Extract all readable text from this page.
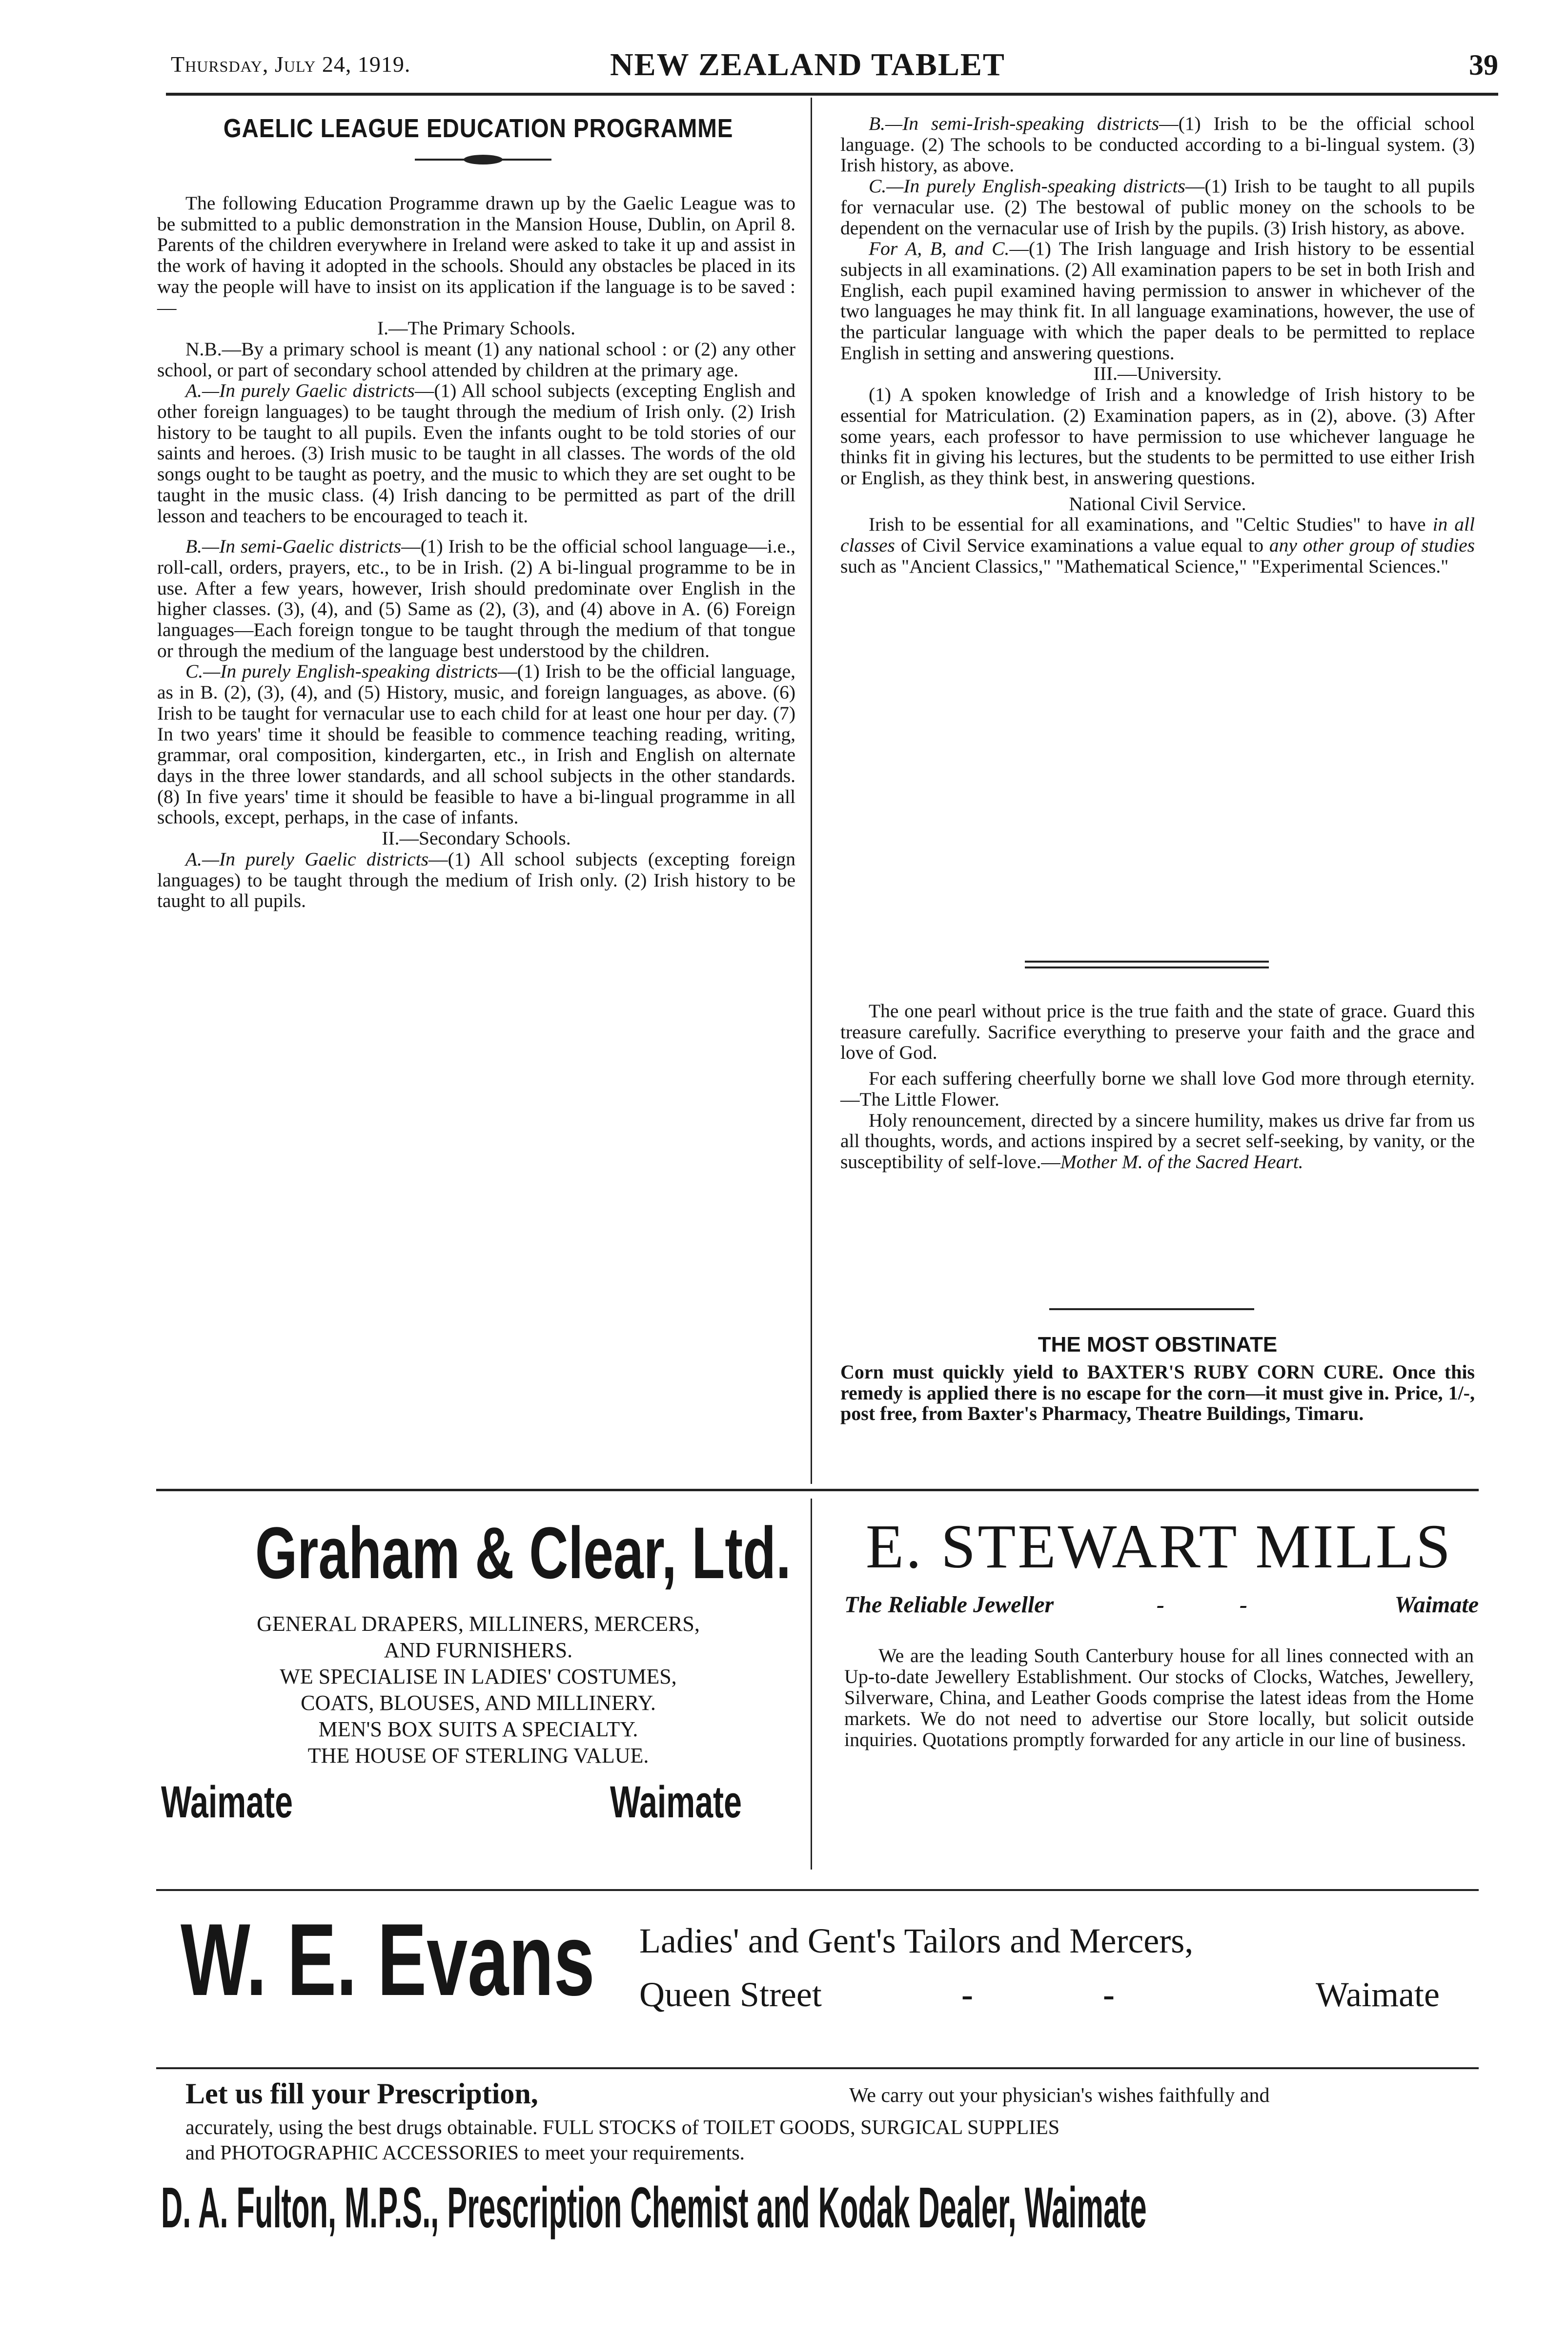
Thursday, July 24, 1919.	NEW ZEALAND TABLET	39
GAELIC LEAGUE EDUCATION PROGRAMME

The following Education Programme drawn up by the Gaelic League was to be submitted to a public demonstration in the Mansion House, Dublin, on April 8. Parents of the children everywhere in Ireland were asked to take it up and assist in the work of having it adopted in the schools. Should any obstacles be placed in its way the people will have to insist on its application if the language is to be saved :—

I.—The Primary Schools.

N.B.—By a primary school is meant (1) any national school : or (2) any other school, or part of secondary school attended by children at the primary age.

A.—In purely Gaelic districts—(1) All school subjects (excepting English and other foreign languages) to be taught through the medium of Irish only. (2) Irish history to be taught to all pupils. Even the infants ought to be told stories of our saints and heroes. (3) Irish music to be taught in all classes. The words of the old songs ought to be taught as poetry, and the music to which they are set ought to be taught in the music class. (4) Irish dancing to be permitted as part of the drill lesson and teachers to be encouraged to teach it.

B.—In semi-Gaelic districts—(1) Irish to be the official school language—i.e., roll-call, orders, prayers, etc., to be in Irish. (2) A bi-lingual programme to be in use. After a few years, however, Irish should predominate over English in the higher classes. (3), (4), and (5) Same as (2), (3), and (4) above in A. (6) Foreign languages—Each foreign tongue to be taught through the medium of that tongue or through the medium of the language best understood by the children.

C.—In purely English-speaking districts—(1) Irish to be the official language, as in B. (2), (3), (4), and (5) History, music, and foreign languages, as above. (6) Irish to be taught for vernacular use to each child for at least one hour per day. (7) In two years' time it should be feasible to commence teaching reading, writing, grammar, oral composition, kindergarten, etc., in Irish and English on alternate days in the three lower standards, and all school subjects in the other standards. (8) In five years' time it should be feasible to have a bi-lingual programme in all schools, except, perhaps, in the case of infants.

II.—Secondary Schools.

A.—In purely Gaelic districts—(1) All school subjects (excepting foreign languages) to be taught through the medium of Irish only. (2) Irish history to be taught to all pupils.

B.—In semi-Irish-speaking districts—(1) Irish to be the official school language. (2) The schools to be conducted according to a bi-lingual system. (3) Irish history, as above.

C.—In purely English-speaking districts—(1) Irish to be taught to all pupils for vernacular use. (2) The bestowal of public money on the schools to be dependent on the vernacular use of Irish by the pupils. (3) Irish history, as above.

For A, B, and C.—(1) The Irish language and Irish history to be essential subjects in all examinations. (2) All examination papers to be set in both Irish and English, each pupil examined having permission to answer in whichever of the two languages he may think fit. In all language examinations, however, the use of the particular language with which the paper deals to be permitted to replace English in setting and answering questions.

III.—University.

(1) A spoken knowledge of Irish and a knowledge of Irish history to be essential for Matriculation. (2) Examination papers, as in (2), above. (3) After some years, each professor to have permission to use whichever language he thinks fit in giving his lectures, but the students to be permitted to use either Irish or English, as they think best, in answering questions.

National Civil Service.

Irish to be essential for all examinations, and "Celtic Studies" to have in all classes of Civil Service examinations a value equal to any other group of studies such as "Ancient Classics," "Mathematical Science," "Experimental Sciences."

The one pearl without price is the true faith and the state of grace. Guard this treasure carefully. Sacrifice everything to preserve your faith and the grace and love of God.

For each suffering cheerfully borne we shall love God more through eternity.—The Little Flower.

Holy renouncement, directed by a sincere humility, makes us drive far from us all thoughts, words, and actions inspired by a secret self-seeking, by vanity, or the susceptibility of self-love.—Mother M. of the Sacred Heart.

THE MOST OBSTINATE
Corn must quickly yield to BAXTER'S RUBY CORN CURE. Once this remedy is applied there is no escape for the corn—it must give in. Price, 1/-, post free, from Baxter's Pharmacy, Theatre Buildings, Timaru.
Graham & Clear, Ltd.
GENERAL DRAPERS, MILLINERS, MERCERS,
AND FURNISHERS.
WE SPECIALISE IN LADIES' COSTUMES,
COATS, BLOUSES, AND MILLINERY.
MEN'S BOX SUITS A SPECIALTY.
THE HOUSE OF STERLING VALUE.
Waimate	Waimate
E. STEWART MILLS
The Reliable Jeweller	-	-	Waimate
We are the leading South Canterbury house for all lines connected with an Up-to-date Jewellery Establishment. Our stocks of Clocks, Watches, Jewellery, Silverware, China, and Leather Goods comprise the latest ideas from the Home markets. We do not need to advertise our Store locally, but solicit outside inquiries. Quotations promptly forwarded for any article in our line of business.
W. E. Evans	Ladies' and Gent's Tailors and Mercers,
Queen Street	-	-	Waimate
Let us fill your Prescription,	We carry out your physician's wishes faithfully and
accurately, using the best drugs obtainable. FULL STOCKS of TOILET GOODS, SURGICAL SUPPLIES
and PHOTOGRAPHIC ACCESSORIES to meet your requirements.
D. A. Fulton, M.P.S., Prescription Chemist and Kodak Dealer, Waimate
